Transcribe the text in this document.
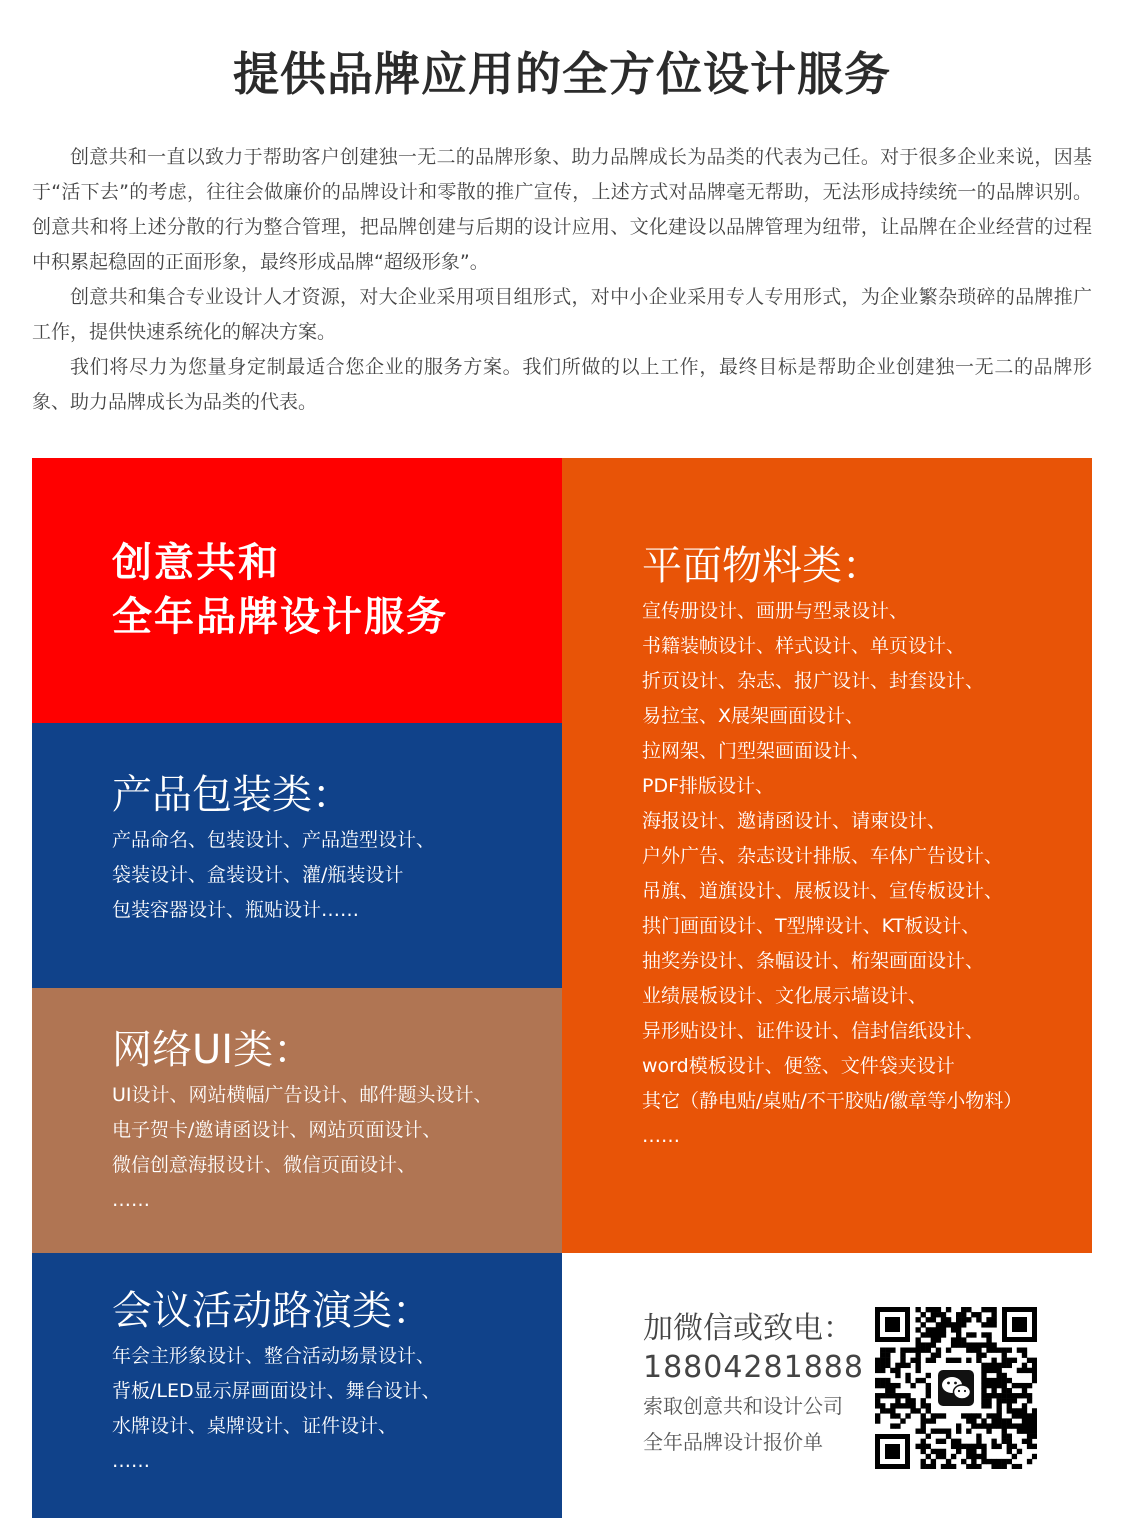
提供品牌应用的全方位设计服务

创意共和一直以致力于帮助客户创建独一无二的品牌形象、助力品牌成长为品类的代表为己任。对于很多企业来说，因基于“活下去”的考虑，往往会做廉价的品牌设计和零散的推广宣传，上述方式对品牌毫无帮助，无法形成持续统一的品牌识别。创意共和将上述分散的行为整合管理，把品牌创建与后期的设计应用、文化建设以品牌管理为纽带，让品牌在企业经营的过程中积累起稳固的正面形象，最终形成品牌“超级形象”。

创意共和集合专业设计人才资源，对大企业采用项目组形式，对中小企业采用专人专用形式，为企业繁杂琐碎的品牌推广工作，提供快速系统化的解决方案。

我们将尽力为您量身定制最适合您企业的服务方案。我们所做的以上工作，最终目标是帮助企业创建独一无二的品牌形象、助力品牌成长为品类的代表。

创意共和
全年品牌设计服务
平面物料类：
宣传册设计、画册与型录设计、
书籍装帧设计、样式设计、单页设计、
折页设计、杂志、报广设计、封套设计、
易拉宝、X展架画面设计、
拉网架、门型架画面设计、
PDF排版设计、
海报设计、邀请函设计、请柬设计、
户外广告、杂志设计排版、车体广告设计、
吊旗、道旗设计、展板设计、宣传板设计、
拱门画面设计、T型牌设计、KT板设计、
抽奖券设计、条幅设计、桁架画面设计、
业绩展板设计、文化展示墙设计、
异形贴设计、证件设计、信封信纸设计、
word模板设计、便签、文件袋夹设计
其它（静电贴/桌贴/不干胶贴/徽章等小物料）
……
产品包装类：
产品命名、包装设计、产品造型设计、
袋装设计、盒装设计、灌/瓶装设计
包装容器设计、瓶贴设计……
网络UI类：
UI设计、网站横幅广告设计、邮件题头设计、
电子贺卡/邀请函设计、网站页面设计、
微信创意海报设计、微信页面设计、
……
会议活动路演类：
年会主形象设计、整合活动场景设计、
背板/LED显示屏画面设计、舞台设计、
水牌设计、桌牌设计、证件设计、
……
加微信或致电：
18804281888
索取创意共和设计公司
全年品牌设计报价单
